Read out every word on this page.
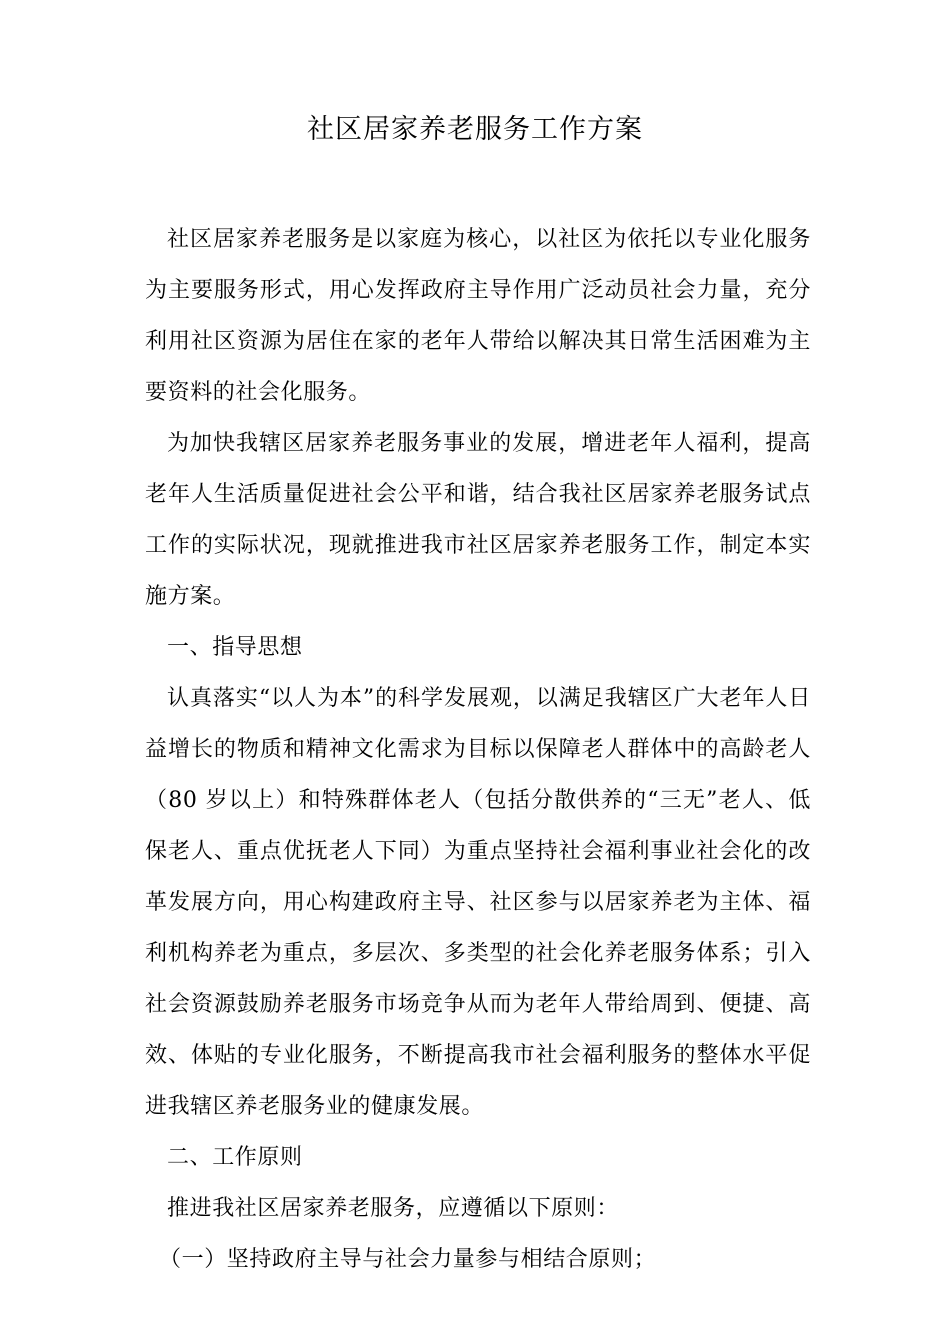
社区居家养老服务工作方案

社区居家养老服务是以家庭为核心，以社区为依托以专业化服务为主要服务形式，用心发挥政府主导作用广泛动员社会力量，充分利用社区资源为居住在家的老年人带给以解决其日常生活困难为主要资料的社会化服务。

为加快我辖区居家养老服务事业的发展，增进老年人福利，提高老年人生活质量促进社会公平和谐，结合我社区居家养老服务试点工作的实际状况，现就推进我市社区居家养老服务工作，制定本实施方案。

一、指导思想

认真落实“以人为本”的科学发展观，以满足我辖区广大老年人日益增长的物质和精神文化需求为目标以保障老人群体中的高龄老人（80 岁以上）和特殊群体老人（包括分散供养的“三无”老人、低保老人、重点优抚老人下同）为重点坚持社会福利事业社会化的改革发展方向，用心构建政府主导、社区参与以居家养老为主体、福利机构养老为重点，多层次、多类型的社会化养老服务体系；引入社会资源鼓励养老服务市场竞争从而为老年人带给周到、便捷、高效、体贴的专业化服务，不断提高我市社会福利服务的整体水平促进我辖区养老服务业的健康发展。

二、工作原则

推进我社区居家养老服务，应遵循以下原则：

（一）坚持政府主导与社会力量参与相结合原则；
